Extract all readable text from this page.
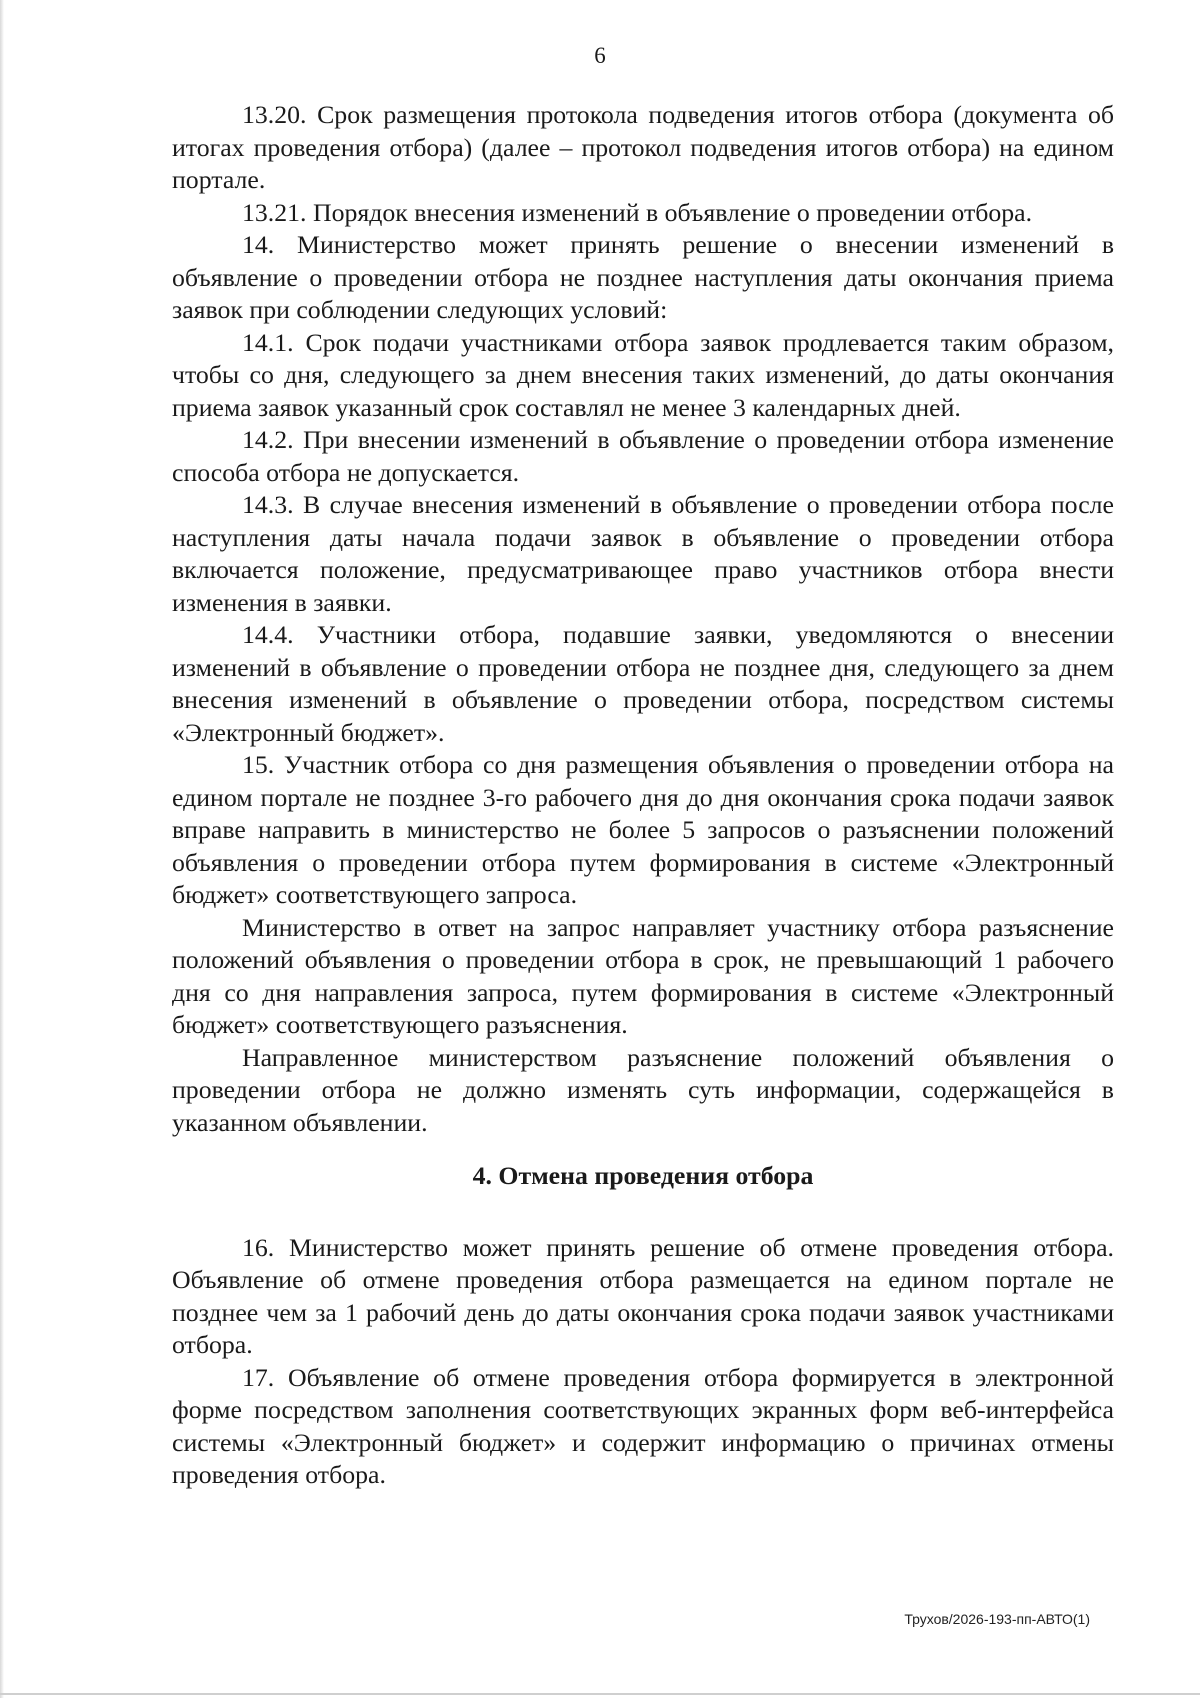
6

13.20. Срок размещения протокола подведения итогов отбора (документа об итогах проведения отбора) (далее – протокол подведения итогов отбора) на едином портале.

13.21. Порядок внесения изменений в объявление о проведении отбора.

14. Министерство может принять решение о внесении изменений в объявление о проведении отбора не позднее наступления даты окончания приема заявок при соблюдении следующих условий:

14.1. Срок подачи участниками отбора заявок продлевается таким образом, чтобы со дня, следующего за днем внесения таких изменений, до даты окончания приема заявок указанный срок составлял не менее 3 календарных дней.

14.2. При внесении изменений в объявление о проведении отбора изменение способа отбора не допускается.

14.3. В случае внесения изменений в объявление о проведении отбора после наступления даты начала подачи заявок в объявление о проведении отбора включается положение, предусматривающее право участников отбора внести изменения в заявки.

14.4. Участники отбора, подавшие заявки, уведомляются о внесении изменений в объявление о проведении отбора не позднее дня, следующего за днем внесения изменений в объявление о проведении отбора, посредством системы «Электронный бюджет».

15. Участник отбора со дня размещения объявления о проведении отбора на едином портале не позднее 3-го рабочего дня до дня окончания срока подачи заявок вправе направить в министерство не более 5 запросов о разъяснении положений объявления о проведении отбора путем формирования в системе «Электронный бюджет» соответствующего запроса.

Министерство в ответ на запрос направляет участнику отбора разъяснение положений объявления о проведении отбора в срок, не превышающий 1 рабочего дня со дня направления запроса, путем формирования в системе «Электронный бюджет» соответствующего разъяснения.

Направленное министерством разъяснение положений объявления о проведении отбора не должно изменять суть информации, содержащейся в указанном объявлении.

4. Отмена проведения отбора

16. Министерство может принять решение об отмене проведения отбора. Объявление об отмене проведения отбора размещается на едином портале не позднее чем за 1 рабочий день до даты окончания срока подачи заявок участниками отбора.

17. Объявление об отмене проведения отбора формируется в электронной форме посредством заполнения соответствующих экранных форм веб-интерфейса системы «Электронный бюджет» и содержит информацию о причинах отмены проведения отбора.

Трухов/2026-193-пп-АВТО(1)
